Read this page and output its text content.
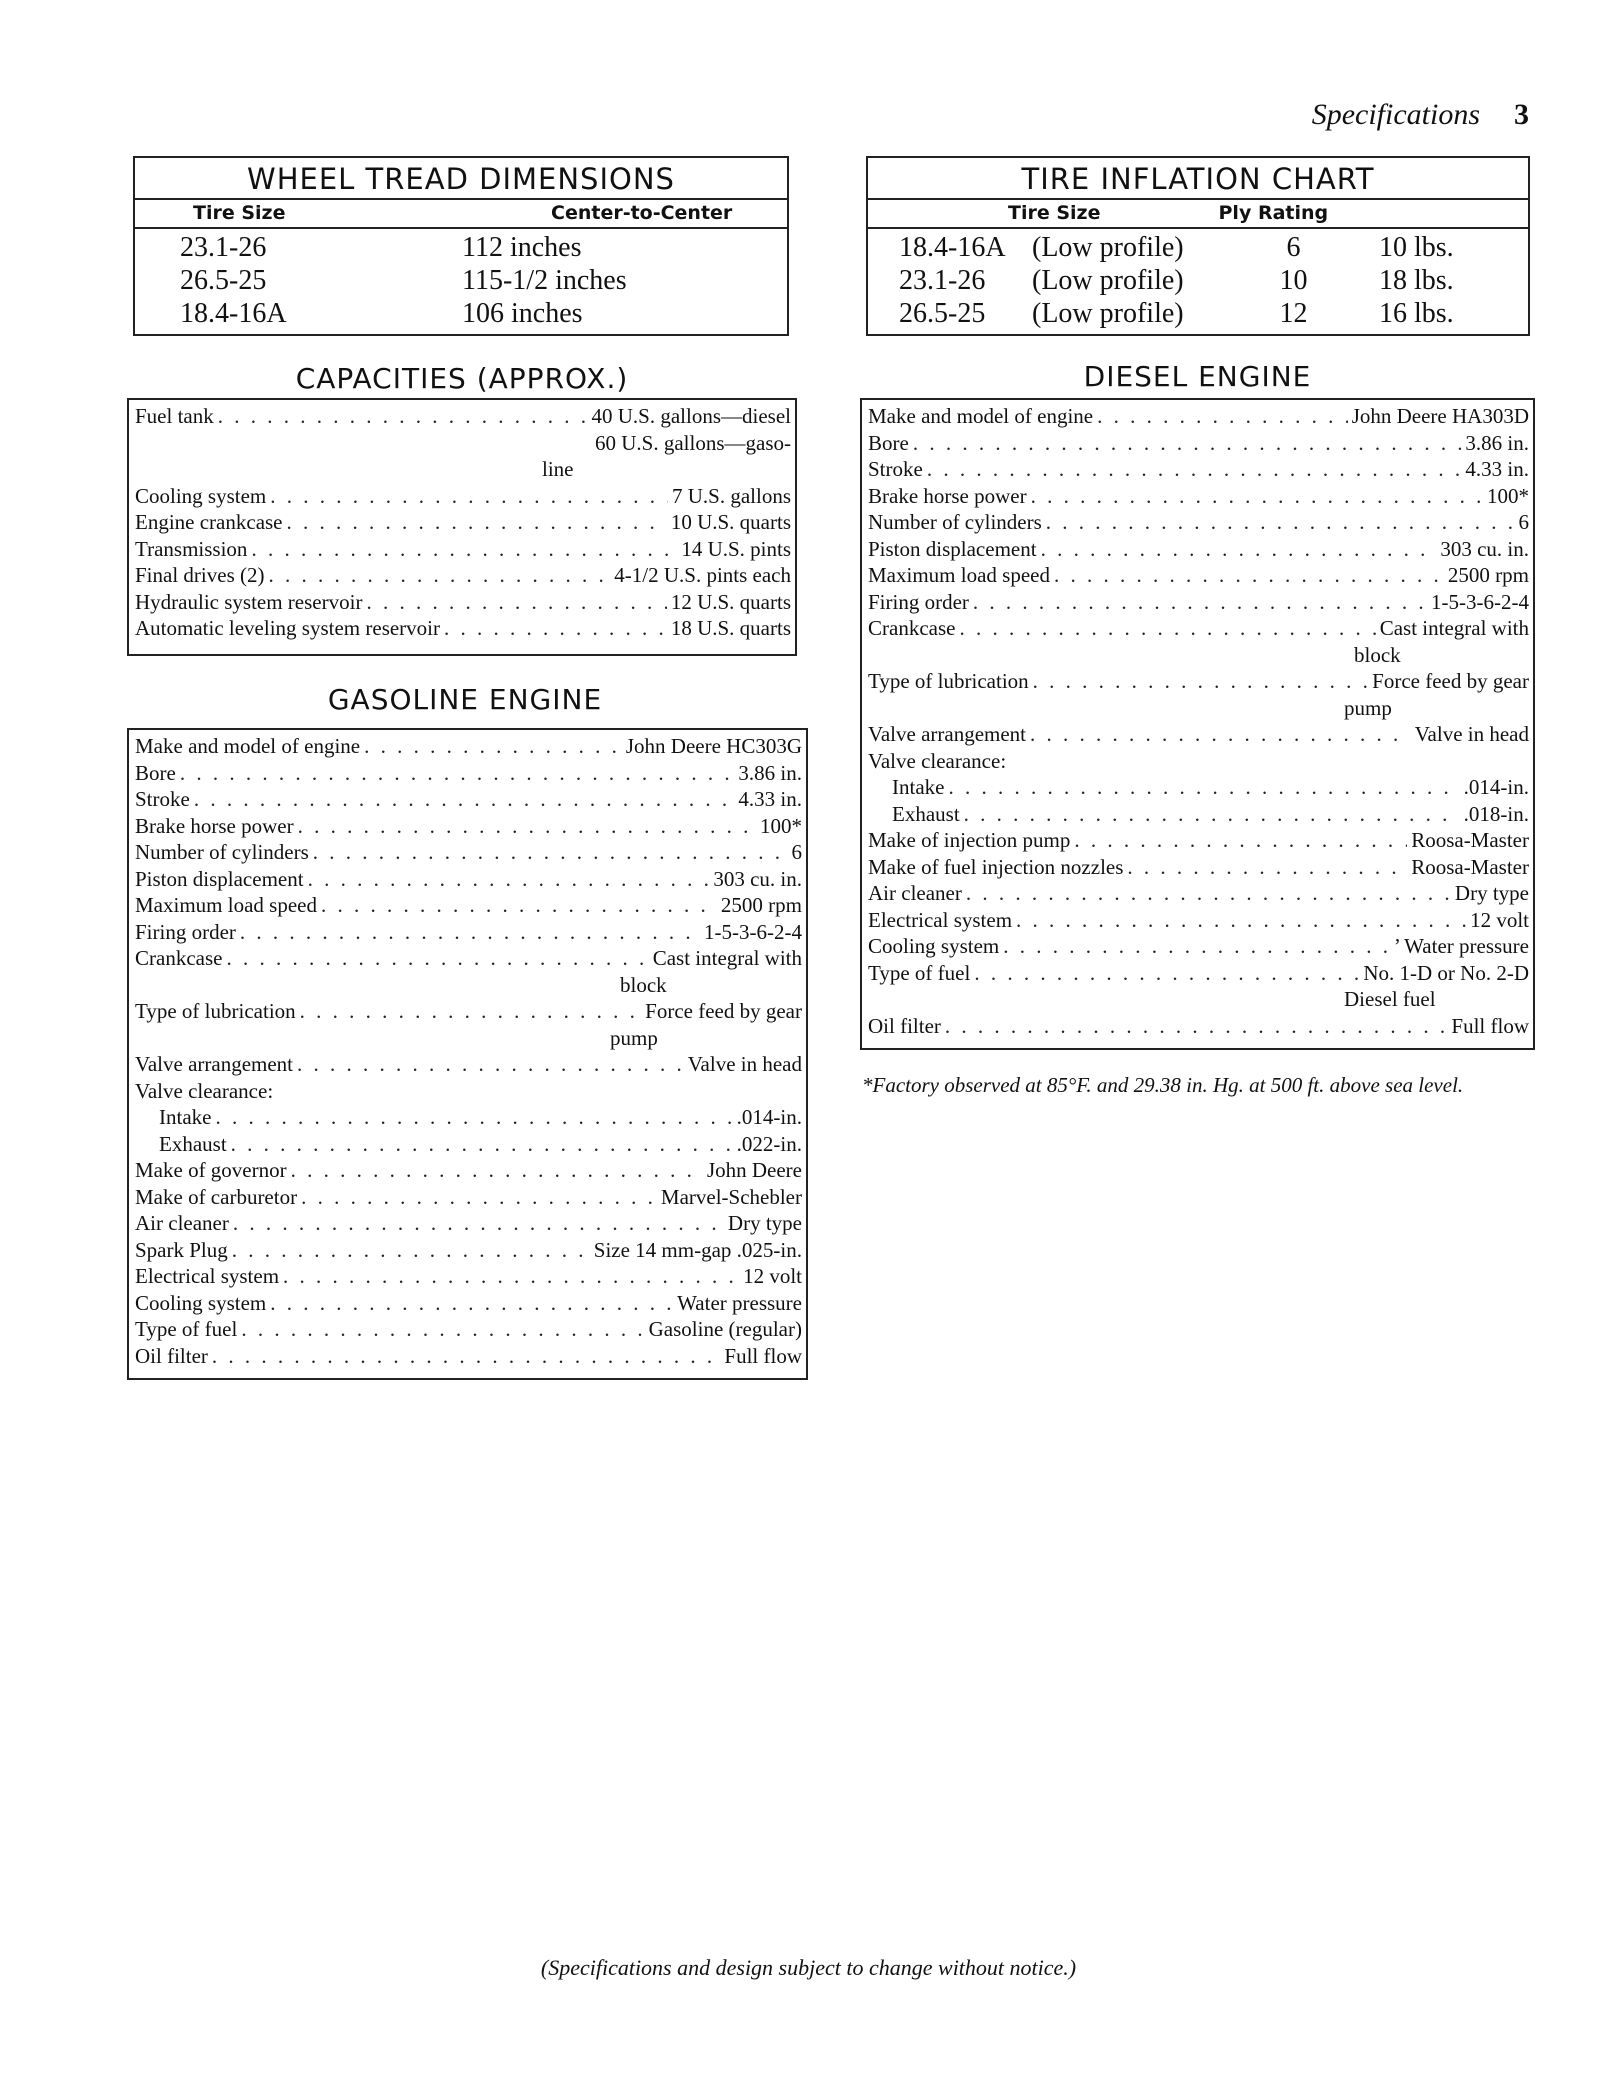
Specifications 3
WHEEL TREAD DIMENSIONS
Tire Size	Center-to-Center
23.1-26	112 inches
26.5-25	115-1/2 inches
18.4-16A	106 inches
TIRE INFLATION CHART
Tire Size	Ply Rating
18.4-16A (Low profile)	6	10 lbs.
23.1-26	(Low profile)	10	18 lbs.
26.5-25	(Low profile)	12	16 lbs.
CAPACITIES (APPROX.)
Fuel tank . . .	40 U.S. gallons—diesel
60 U.S. gallons—gaso-
line
Cooling system . . .	7 U.S. gallons
Engine crankcase . . .	10 U.S. quarts
Transmission . . .	14 U.S. pints
Final drives (2) . . .	4-1/2 U.S. pints each
Hydraulic system reservoir . . .	12 U.S. quarts
Automatic leveling system reservoir . . .	18 U.S. quarts
GASOLINE ENGINE
Make and model of engine . . .	John Deere HC303G
Bore . . .	3.86 in.
Stroke . . .	4.33 in.
Brake horse power . . .	100*
Number of cylinders . . .	6
Piston displacement . . .	303 cu. in.
Maximum load speed . . .	2500 rpm
Firing order . . .	1-5-3-6-2-4
Crankcase . . .	Cast integral with
block
Type of lubrication . . .	Force feed by gear
pump
Valve arrangement . . .	Valve in head
Valve clearance:
Intake . . .	.014-in.
Exhaust . . .	.022-in.
Make of governor . . .	John Deere
Make of carburetor . . .	Marvel-Schebler
Air cleaner . . .	Dry type
Spark Plug . . .	Size 14 mm-gap .025-in.
Electrical system . . .	12 volt
Cooling system . . .	Water pressure
Type of fuel . . .	Gasoline (regular)
Oil filter . . .	Full flow
DIESEL ENGINE
Make and model of engine . . .	John Deere HA303D
Bore . . .	3.86 in.
Stroke . . .	4.33 in.
Brake horse power . . .	100*
Number of cylinders . . .	6
Piston displacement . . .	303 cu. in.
Maximum load speed . . .	2500 rpm
Firing order . . .	1-5-3-6-2-4
Crankcase . . .	Cast integral with
block
Type of lubrication . . .	Force feed by gear
pump
Valve arrangement . . .	Valve in head
Valve clearance:
Intake . . .	.014-in.
Exhaust . . .	.018-in.
Make of injection pump . . .	Roosa-Master
Make of fuel injection nozzles . . .	Roosa-Master
Air cleaner . . .	Dry type
Electrical system . . .	12 volt
Cooling system . . .	’ Water pressure
Type of fuel . . .	No. 1-D or No. 2-D
Diesel fuel
Oil filter . . .	Full flow
*Factory observed at 85°F. and 29.38 in. Hg. at 500 ft. above sea level.
(Specifications and design subject to change without notice.)
